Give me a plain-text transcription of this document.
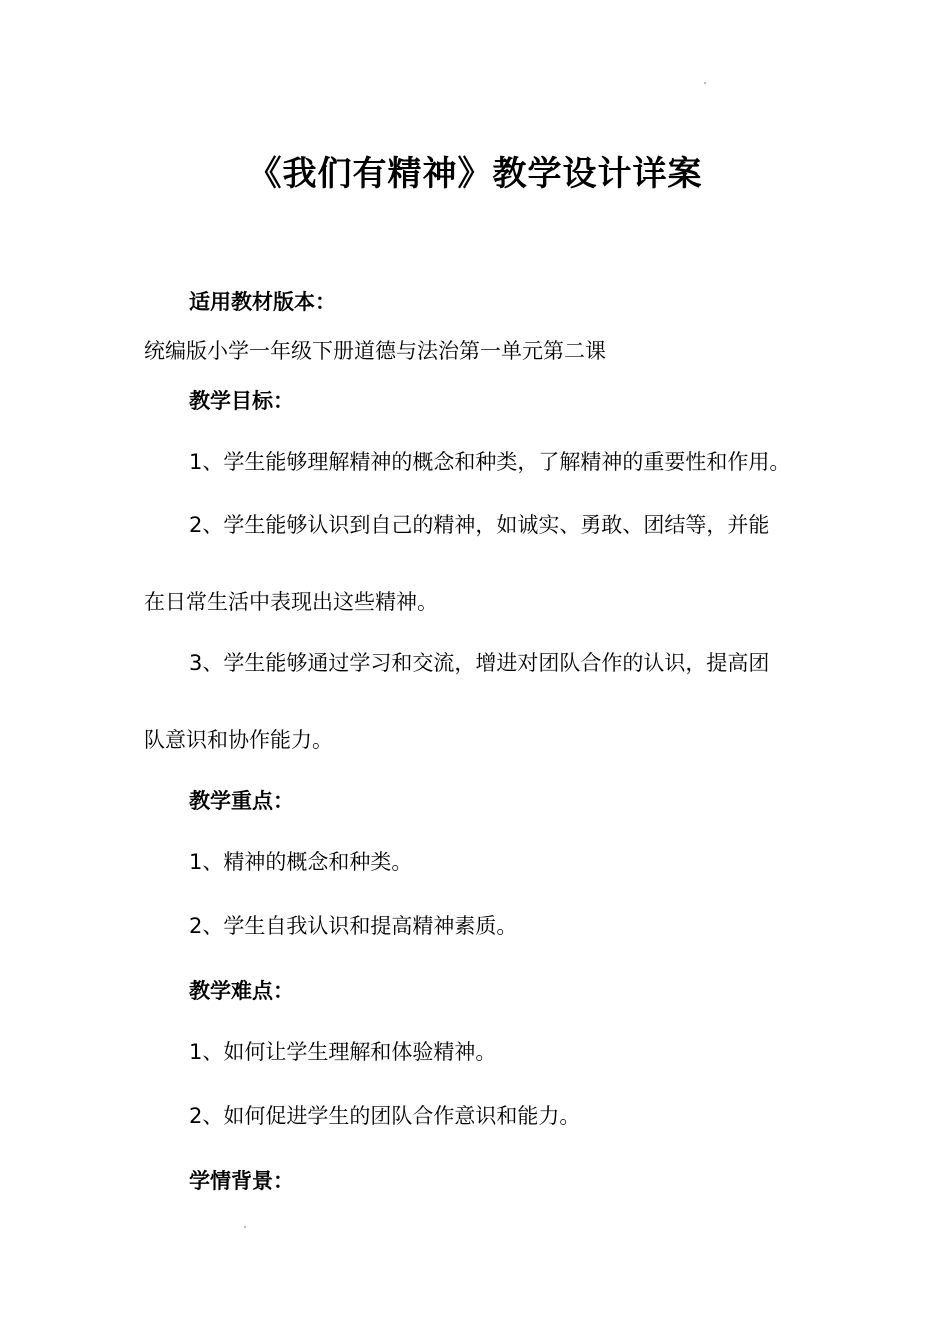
《我们有精神》教学设计详案
适用教材版本：
统编版小学一年级下册道德与法治第一单元第二课
教学目标：
1、学生能够理解精神的概念和种类，了解精神的重要性和作用。
2、学生能够认识到自己的精神，如诚实、勇敢、团结等，并能
在日常生活中表现出这些精神。
3、学生能够通过学习和交流，增进对团队合作的认识，提高团
队意识和协作能力。
教学重点：
1、精神的概念和种类。
2、学生自我认识和提高精神素质。
教学难点：
1、如何让学生理解和体验精神。
2、如何促进学生的团队合作意识和能力。
学情背景：
